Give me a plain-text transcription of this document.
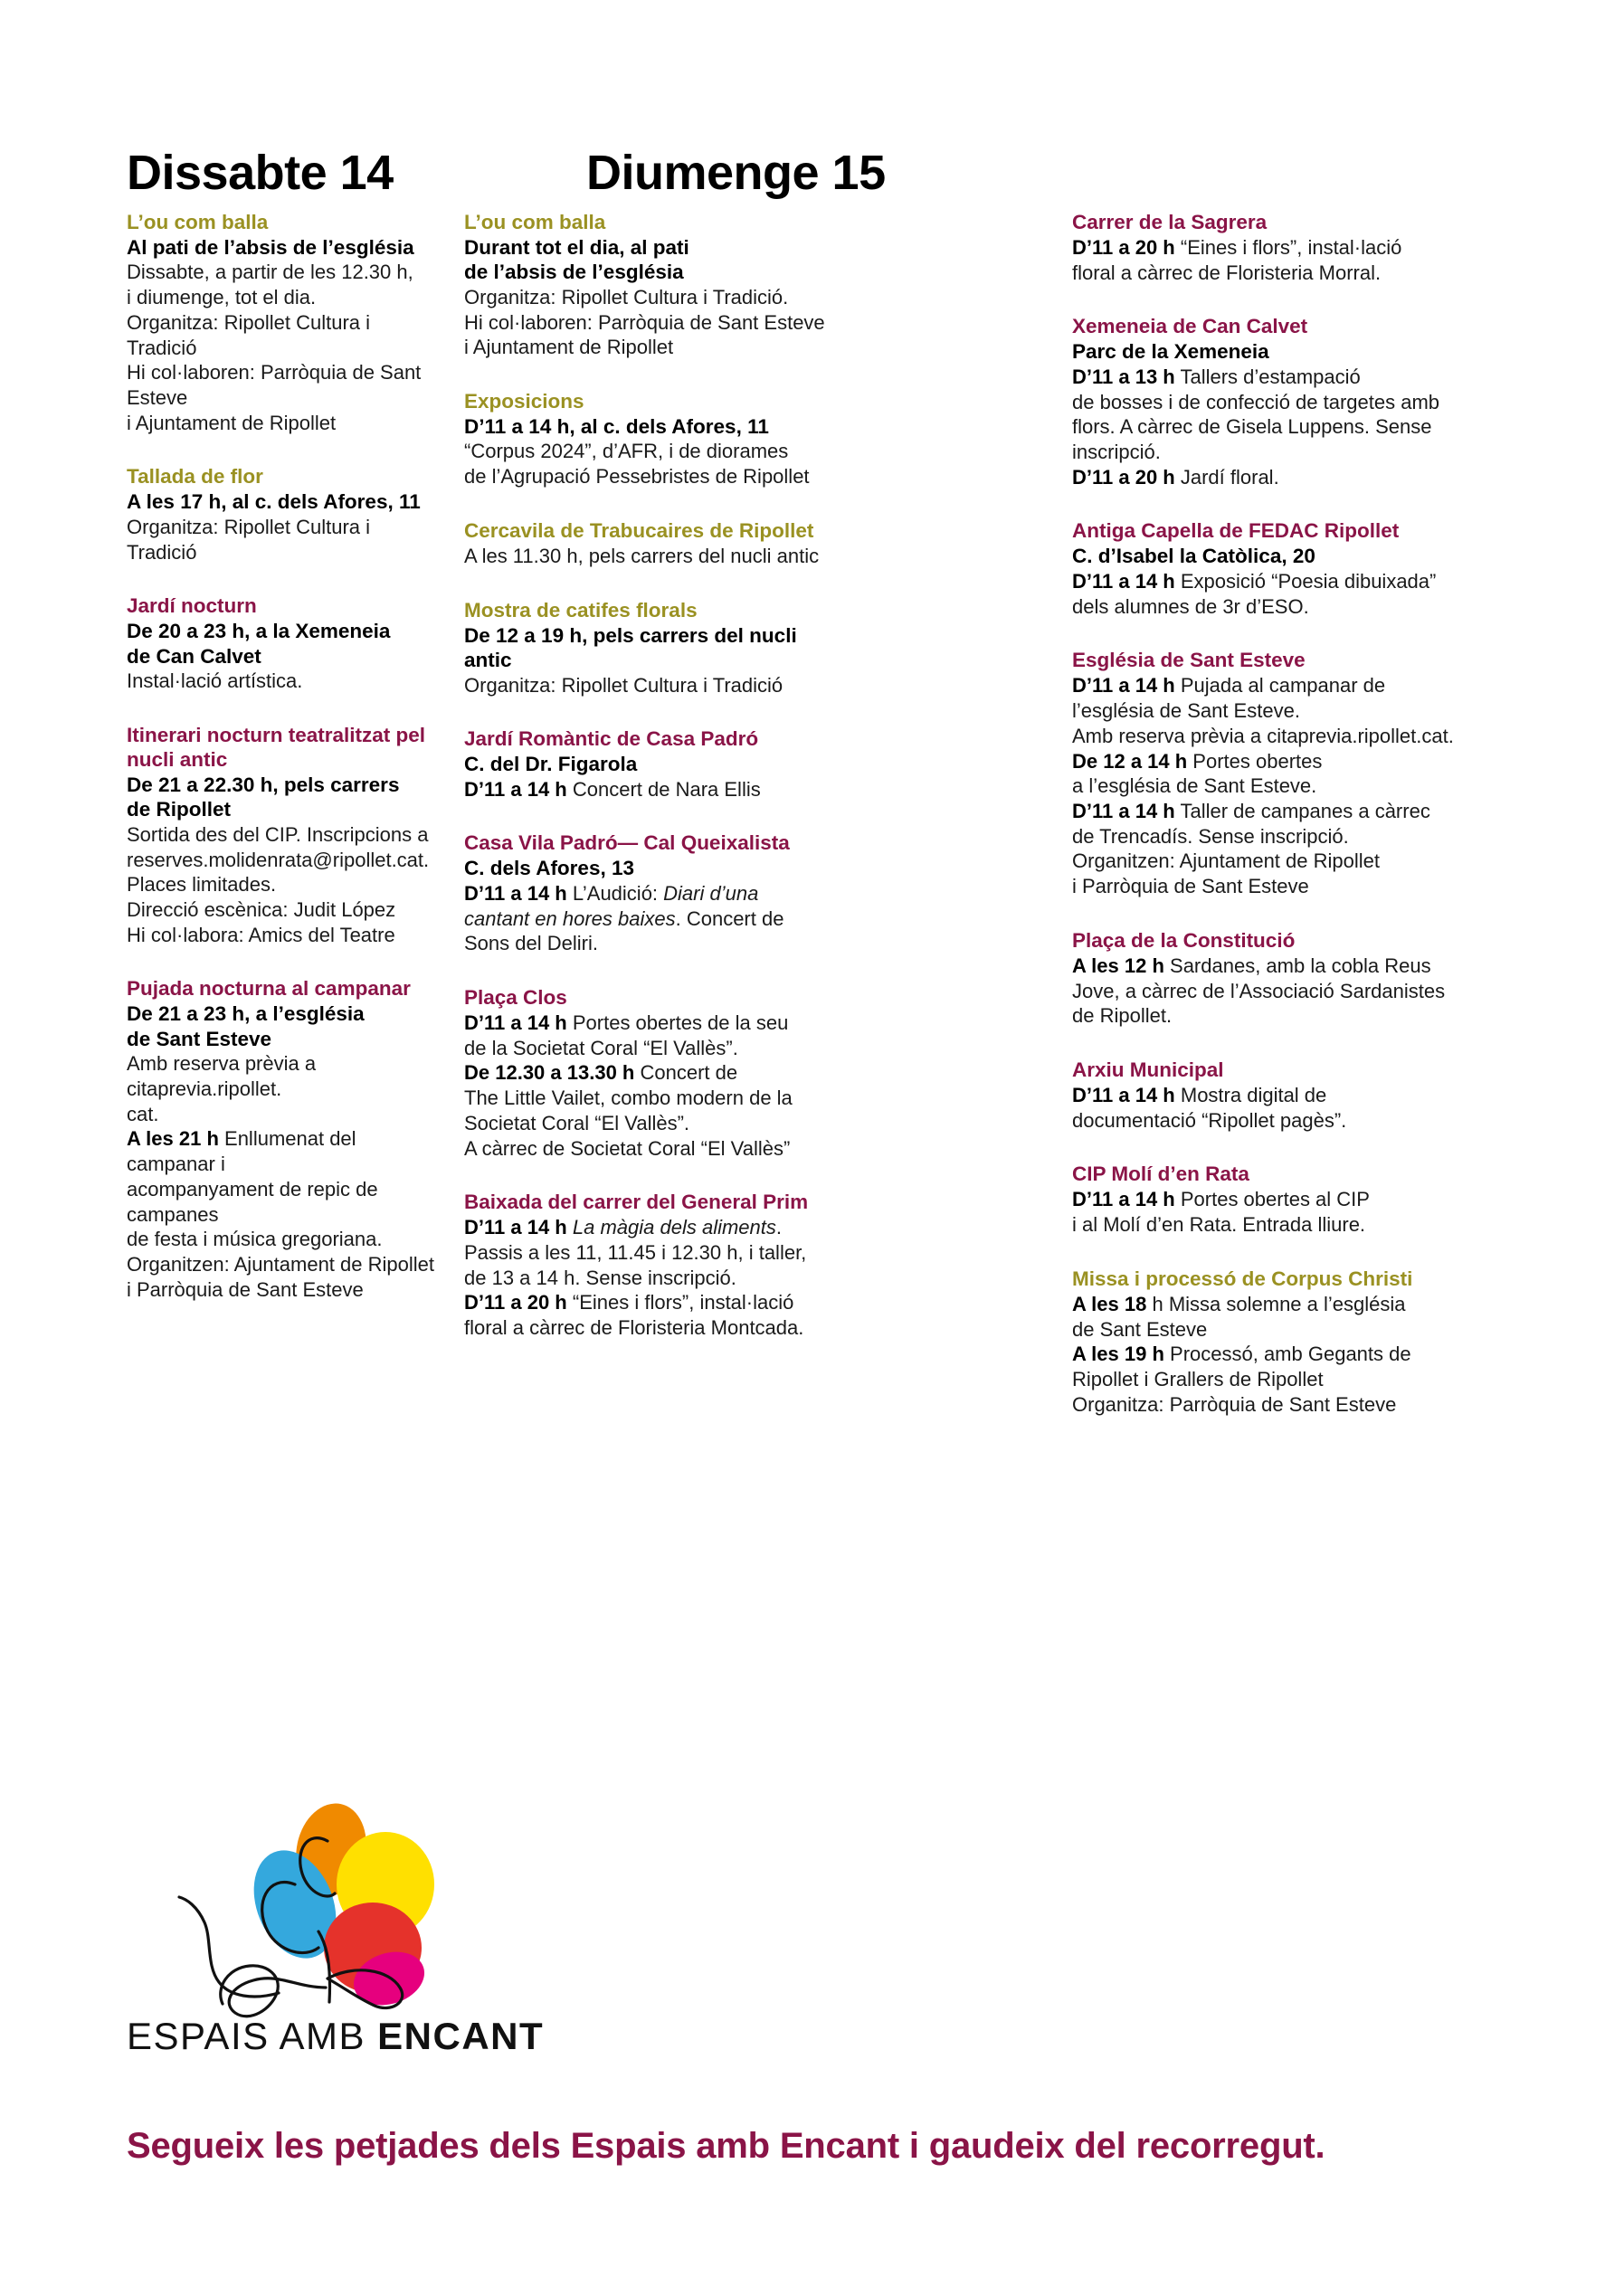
Dissabte 14	Diumenge 15
L’ou com balla
Al pati de l’absis de l’església
Dissabte, a partir de les 12.30 h,
i diumenge, tot el dia.
Organitza: Ripollet Cultura i Tradició
Hi col·laboren: Parròquia de Sant Esteve
i Ajuntament de Ripollet
Tallada de flor
A les 17 h, al c. dels Afores, 11
Organitza: Ripollet Cultura i Tradició
Jardí nocturn
De 20 a 23 h, a la Xemeneia
de Can Calvet
Instal·lació artística.
Itinerari nocturn teatralitzat pel nucli antic
De 21 a 22.30 h, pels carrers
de Ripollet
Sortida des del CIP. Inscripcions a
reserves.molidenrata@ripollet.cat.
Places limitades.
Direcció escènica: Judit López
Hi col·labora: Amics del Teatre
Pujada nocturna al campanar
De 21 a 23 h, a l’església
de Sant Esteve
Amb reserva prèvia a citaprevia.ripollet.
cat.
A les 21 h Enllumenat del campanar i
acompanyament de repic de campanes
de festa i música gregoriana.
Organitzen: Ajuntament de Ripollet
i Parròquia de Sant Esteve
L’ou com balla
Durant tot el dia, al pati
de l’absis de l’església
Organitza: Ripollet Cultura i Tradició.
Hi col·laboren: Parròquia de Sant Esteve
i Ajuntament de Ripollet
Exposicions
D’11 a 14 h, al c. dels Afores, 11
“Corpus 2024”, d’AFR, i de diorames
de l’Agrupació Pessebristes de Ripollet
Cercavila de Trabucaires de Ripollet
A les 11.30 h, pels carrers del nucli antic
Mostra de catifes florals
De 12 a 19 h, pels carrers del nucli
antic
Organitza: Ripollet Cultura i Tradició
Jardí Romàntic de Casa Padró
C. del Dr. Figarola
D’11 a 14 h Concert de Nara Ellis
Casa Vila Padró— Cal Queixalista
C. dels Afores, 13
D’11 a 14 h L’Audició: Diari d’una
cantant en hores baixes. Concert de
Sons del Deliri.
Plaça Clos
D’11 a 14 h Portes obertes de la seu
de la Societat Coral “El Vallès”.
De 12.30 a 13.30 h Concert de
The Little Vailet, combo modern de la
Societat Coral “El Vallès”.
A càrrec de Societat Coral “El Vallès”
Baixada del carrer del General Prim
D’11 a 14 h La màgia dels aliments.
Passis a les 11, 11.45 i 12.30 h, i taller,
de 13 a 14 h. Sense inscripció.
D’11 a 20 h “Eines i flors”, instal·lació
floral a càrrec de Floristeria Montcada.
Carrer de la Sagrera
D’11 a 20 h “Eines i flors”, instal·lació
floral a càrrec de Floristeria Morral.
Xemeneia de Can Calvet
Parc de la Xemeneia
D’11 a 13 h Tallers d’estampació
de bosses i de confecció de targetes amb
flors. A càrrec de Gisela Luppens. Sense
inscripció.
D’11 a 20 h Jardí floral.
Antiga Capella de FEDAC Ripollet
C. d’Isabel la Catòlica, 20
D’11 a 14 h Exposició “Poesia dibuixada”
dels alumnes de 3r d’ESO.
Església de Sant Esteve
D’11 a 14 h Pujada al campanar de
l’església de Sant Esteve.
Amb reserva prèvia a citaprevia.ripollet.cat.
De 12 a 14 h Portes obertes
a l’església de Sant Esteve.
D’11 a 14 h Taller de campanes a càrrec
de Trencadís. Sense inscripció.
Organitzen: Ajuntament de Ripollet
i Parròquia de Sant Esteve
Plaça de la Constitució
A les 12 h Sardanes, amb la cobla Reus
Jove, a càrrec de l’Associació Sardanistes
de Ripollet.
Arxiu Municipal
D’11 a 14 h Mostra digital de
documentació “Ripollet pagès”.
CIP Molí d’en Rata
D’11 a 14 h Portes obertes al CIP
i al Molí d’en Rata. Entrada lliure.
Missa i processó de Corpus Christi
A les 18 h Missa solemne a l’església
de Sant Esteve
A les 19 h Processó, amb Gegants de
Ripollet i Grallers de Ripollet
Organitza: Parròquia de Sant Esteve
ESPAIS AMB ENCANT
Segueix les petjades dels Espais amb Encant i gaudeix del recorregut.
